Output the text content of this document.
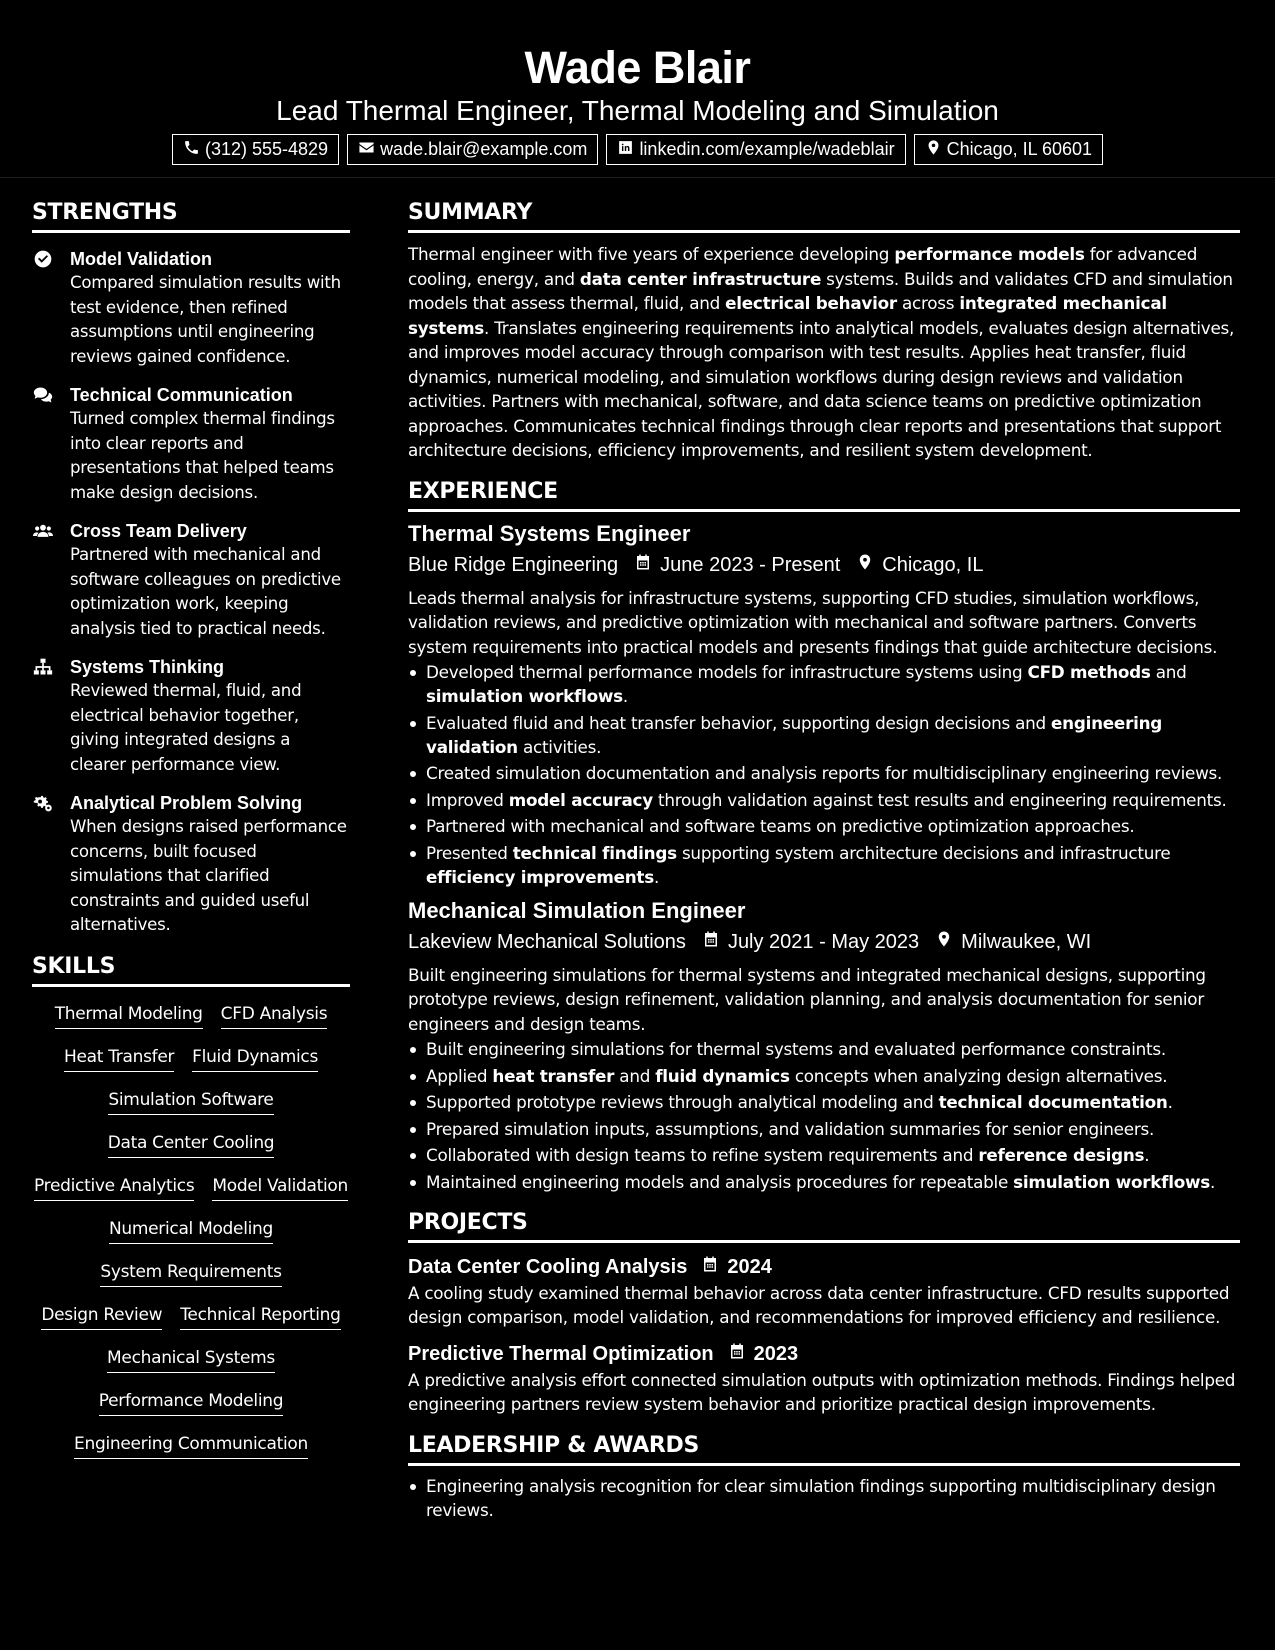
Wade Blair
Lead Thermal Engineer, Thermal Modeling and Simulation
(312) 555-4829	wade.blair@example.com	linkedin.com/example/wadeblair	Chicago, IL 60601
STRENGTHS
Model Validation
Compared simulation results with test evidence, then refined assumptions until engineering reviews gained confidence.
Technical Communication
Turned complex thermal findings into clear reports and presentations that helped teams make design decisions.
Cross Team Delivery
Partnered with mechanical and software colleagues on predictive optimization work, keeping analysis tied to practical needs.
Systems Thinking
Reviewed thermal, fluid, and electrical behavior together, giving integrated designs a clearer performance view.
Analytical Problem Solving
When designs raised performance concerns, built focused simulations that clarified constraints and guided useful alternatives.
SKILLS
Thermal Modeling CFD Analysis
Heat Transfer Fluid Dynamics
Simulation Software
Data Center Cooling
Predictive Analytics Model Validation
Numerical Modeling
System Requirements
Design Review Technical Reporting
Mechanical Systems
Performance Modeling
Engineering Communication
SUMMARY
Thermal engineer with five years of experience developing performance models for advanced cooling, energy, and data center infrastructure systems. Builds and validates CFD and simulation models that assess thermal, fluid, and electrical behavior across integrated mechanical systems. Translates engineering requirements into analytical models, evaluates design alternatives, and improves model accuracy through comparison with test results. Applies heat transfer, fluid dynamics, numerical modeling, and simulation workflows during design reviews and validation activities. Partners with mechanical, software, and data science teams on predictive optimization approaches. Communicates technical findings through clear reports and presentations that support architecture decisions, efficiency improvements, and resilient system development.
EXPERIENCE
Thermal Systems Engineer
Blue Ridge Engineering June 2023 - Present Chicago, IL
Leads thermal analysis for infrastructure systems, supporting CFD studies, simulation workflows, validation reviews, and predictive optimization with mechanical and software partners. Converts system requirements into practical models and presents findings that guide architecture decisions.
Developed thermal performance models for infrastructure systems using CFD methods and simulation workflows.
Evaluated fluid and heat transfer behavior, supporting design decisions and engineering validation activities.
Created simulation documentation and analysis reports for multidisciplinary engineering reviews.
Improved model accuracy through validation against test results and engineering requirements.
Partnered with mechanical and software teams on predictive optimization approaches.
Presented technical findings supporting system architecture decisions and infrastructure efficiency improvements.
Mechanical Simulation Engineer
Lakeview Mechanical Solutions July 2021 - May 2023 Milwaukee, WI
Built engineering simulations for thermal systems and integrated mechanical designs, supporting prototype reviews, design refinement, validation planning, and analysis documentation for senior engineers and design teams.
Built engineering simulations for thermal systems and evaluated performance constraints.
Applied heat transfer and fluid dynamics concepts when analyzing design alternatives.
Supported prototype reviews through analytical modeling and technical documentation.
Prepared simulation inputs, assumptions, and validation summaries for senior engineers.
Collaborated with design teams to refine system requirements and reference designs.
Maintained engineering models and analysis procedures for repeatable simulation workflows.
PROJECTS
Data Center Cooling Analysis 2024
A cooling study examined thermal behavior across data center infrastructure. CFD results supported design comparison, model validation, and recommendations for improved efficiency and resilience.
Predictive Thermal Optimization 2023
A predictive analysis effort connected simulation outputs with optimization methods. Findings helped engineering partners review system behavior and prioritize practical design improvements.
LEADERSHIP & AWARDS
Engineering analysis recognition for clear simulation findings supporting multidisciplinary design reviews.
